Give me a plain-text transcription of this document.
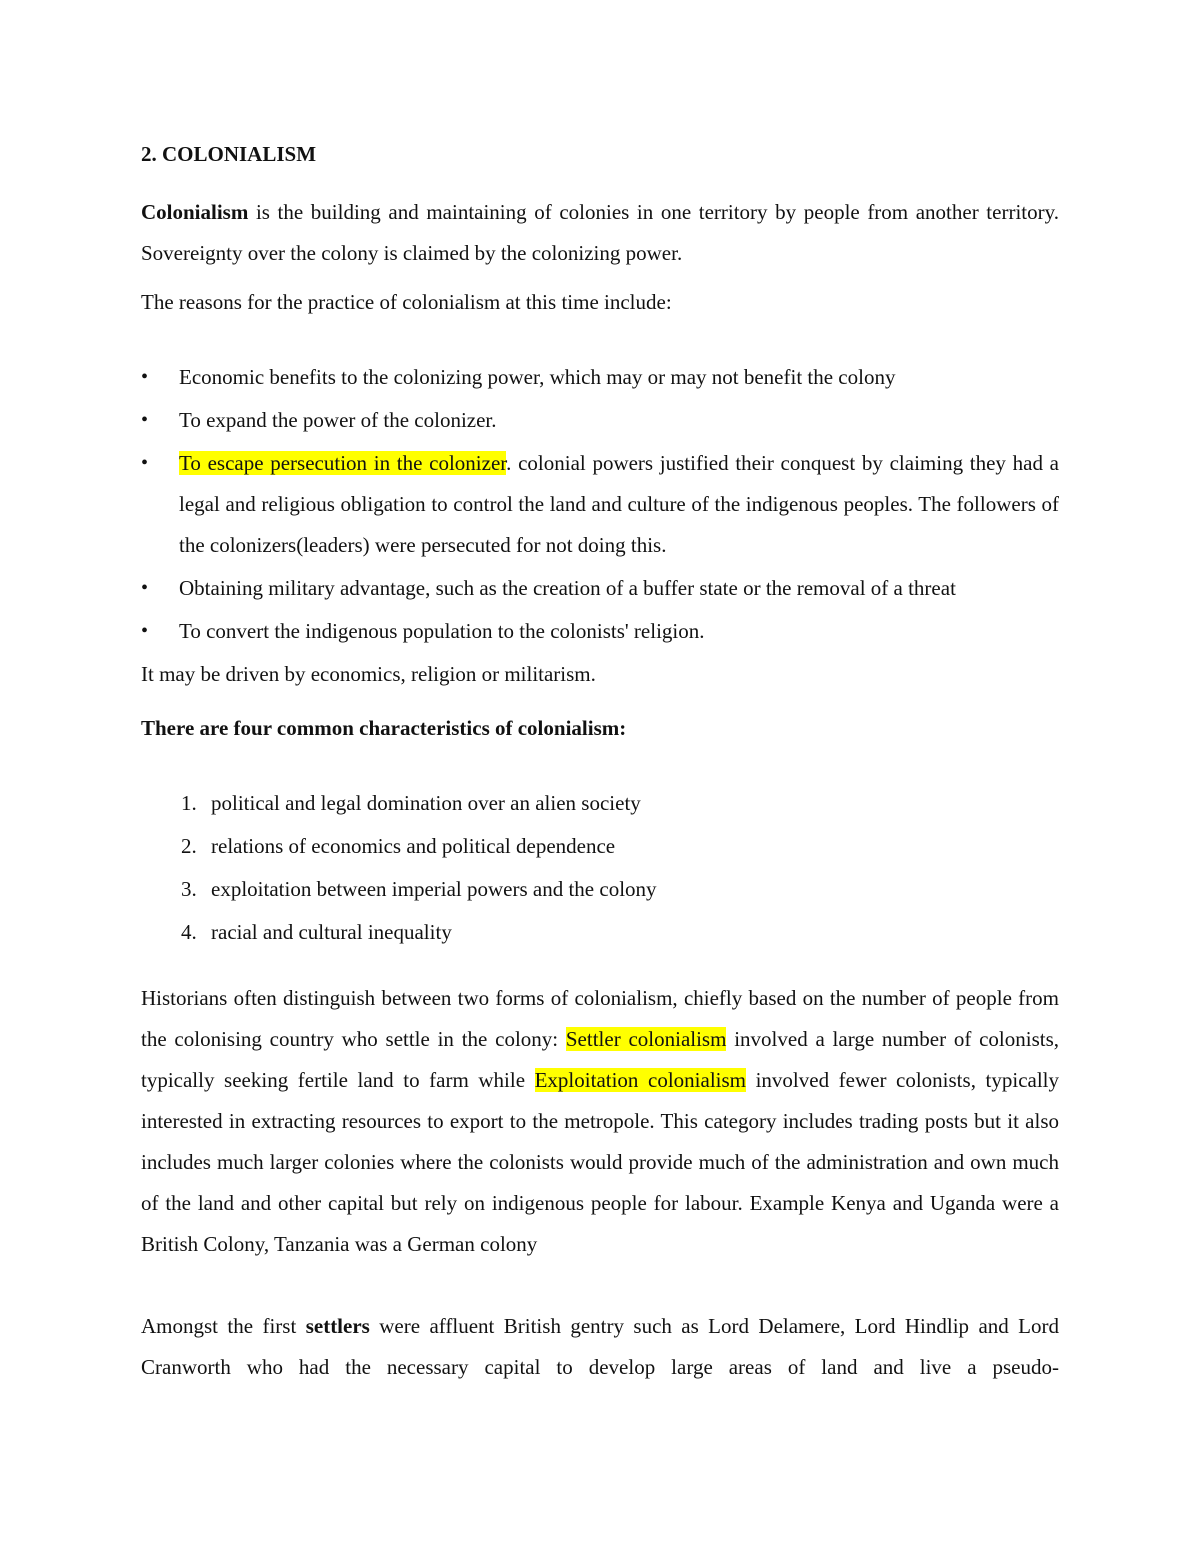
2. COLONIALISM

Colonialism is the building and maintaining of colonies in one territory by people from another territory. Sovereignty over the colony is claimed by the colonizing power.

The reasons for the practice of colonialism at this time include:
• Economic benefits to the colonizing power, which may or may not benefit the colony
• To expand the power of the colonizer.
• To escape persecution in the colonizer. colonial powers justified their conquest by claiming they had a legal and religious obligation to control the land and culture of the indigenous peoples. The followers of the colonizers(leaders) were persecuted for not doing this.
• Obtaining military advantage, such as the creation of a buffer state or the removal of a threat
• To convert the indigenous population to the colonists' religion.
It may be driven by economics, religion or militarism.
There are four common characteristics of colonialism:
1. political and legal domination over an alien society
2. relations of economics and political dependence
3. exploitation between imperial powers and the colony
4. racial and cultural inequality

Historians often distinguish between two forms of colonialism, chiefly based on the number of people from the colonising country who settle in the colony: Settler colonialism involved a large number of colonists, typically seeking fertile land to farm while Exploitation colonialism involved fewer colonists, typically interested in extracting resources to export to the metropole. This category includes trading posts but it also includes much larger colonies where the colonists would provide much of the administration and own much of the land and other capital but rely on indigenous people for labour. Example Kenya and Uganda were a British Colony, Tanzania was a German colony

Amongst the first settlers were affluent British gentry such as Lord Delamere, Lord Hindlip and Lord Cranworth who had the necessary capital to develop large areas of land and live a pseudo-
